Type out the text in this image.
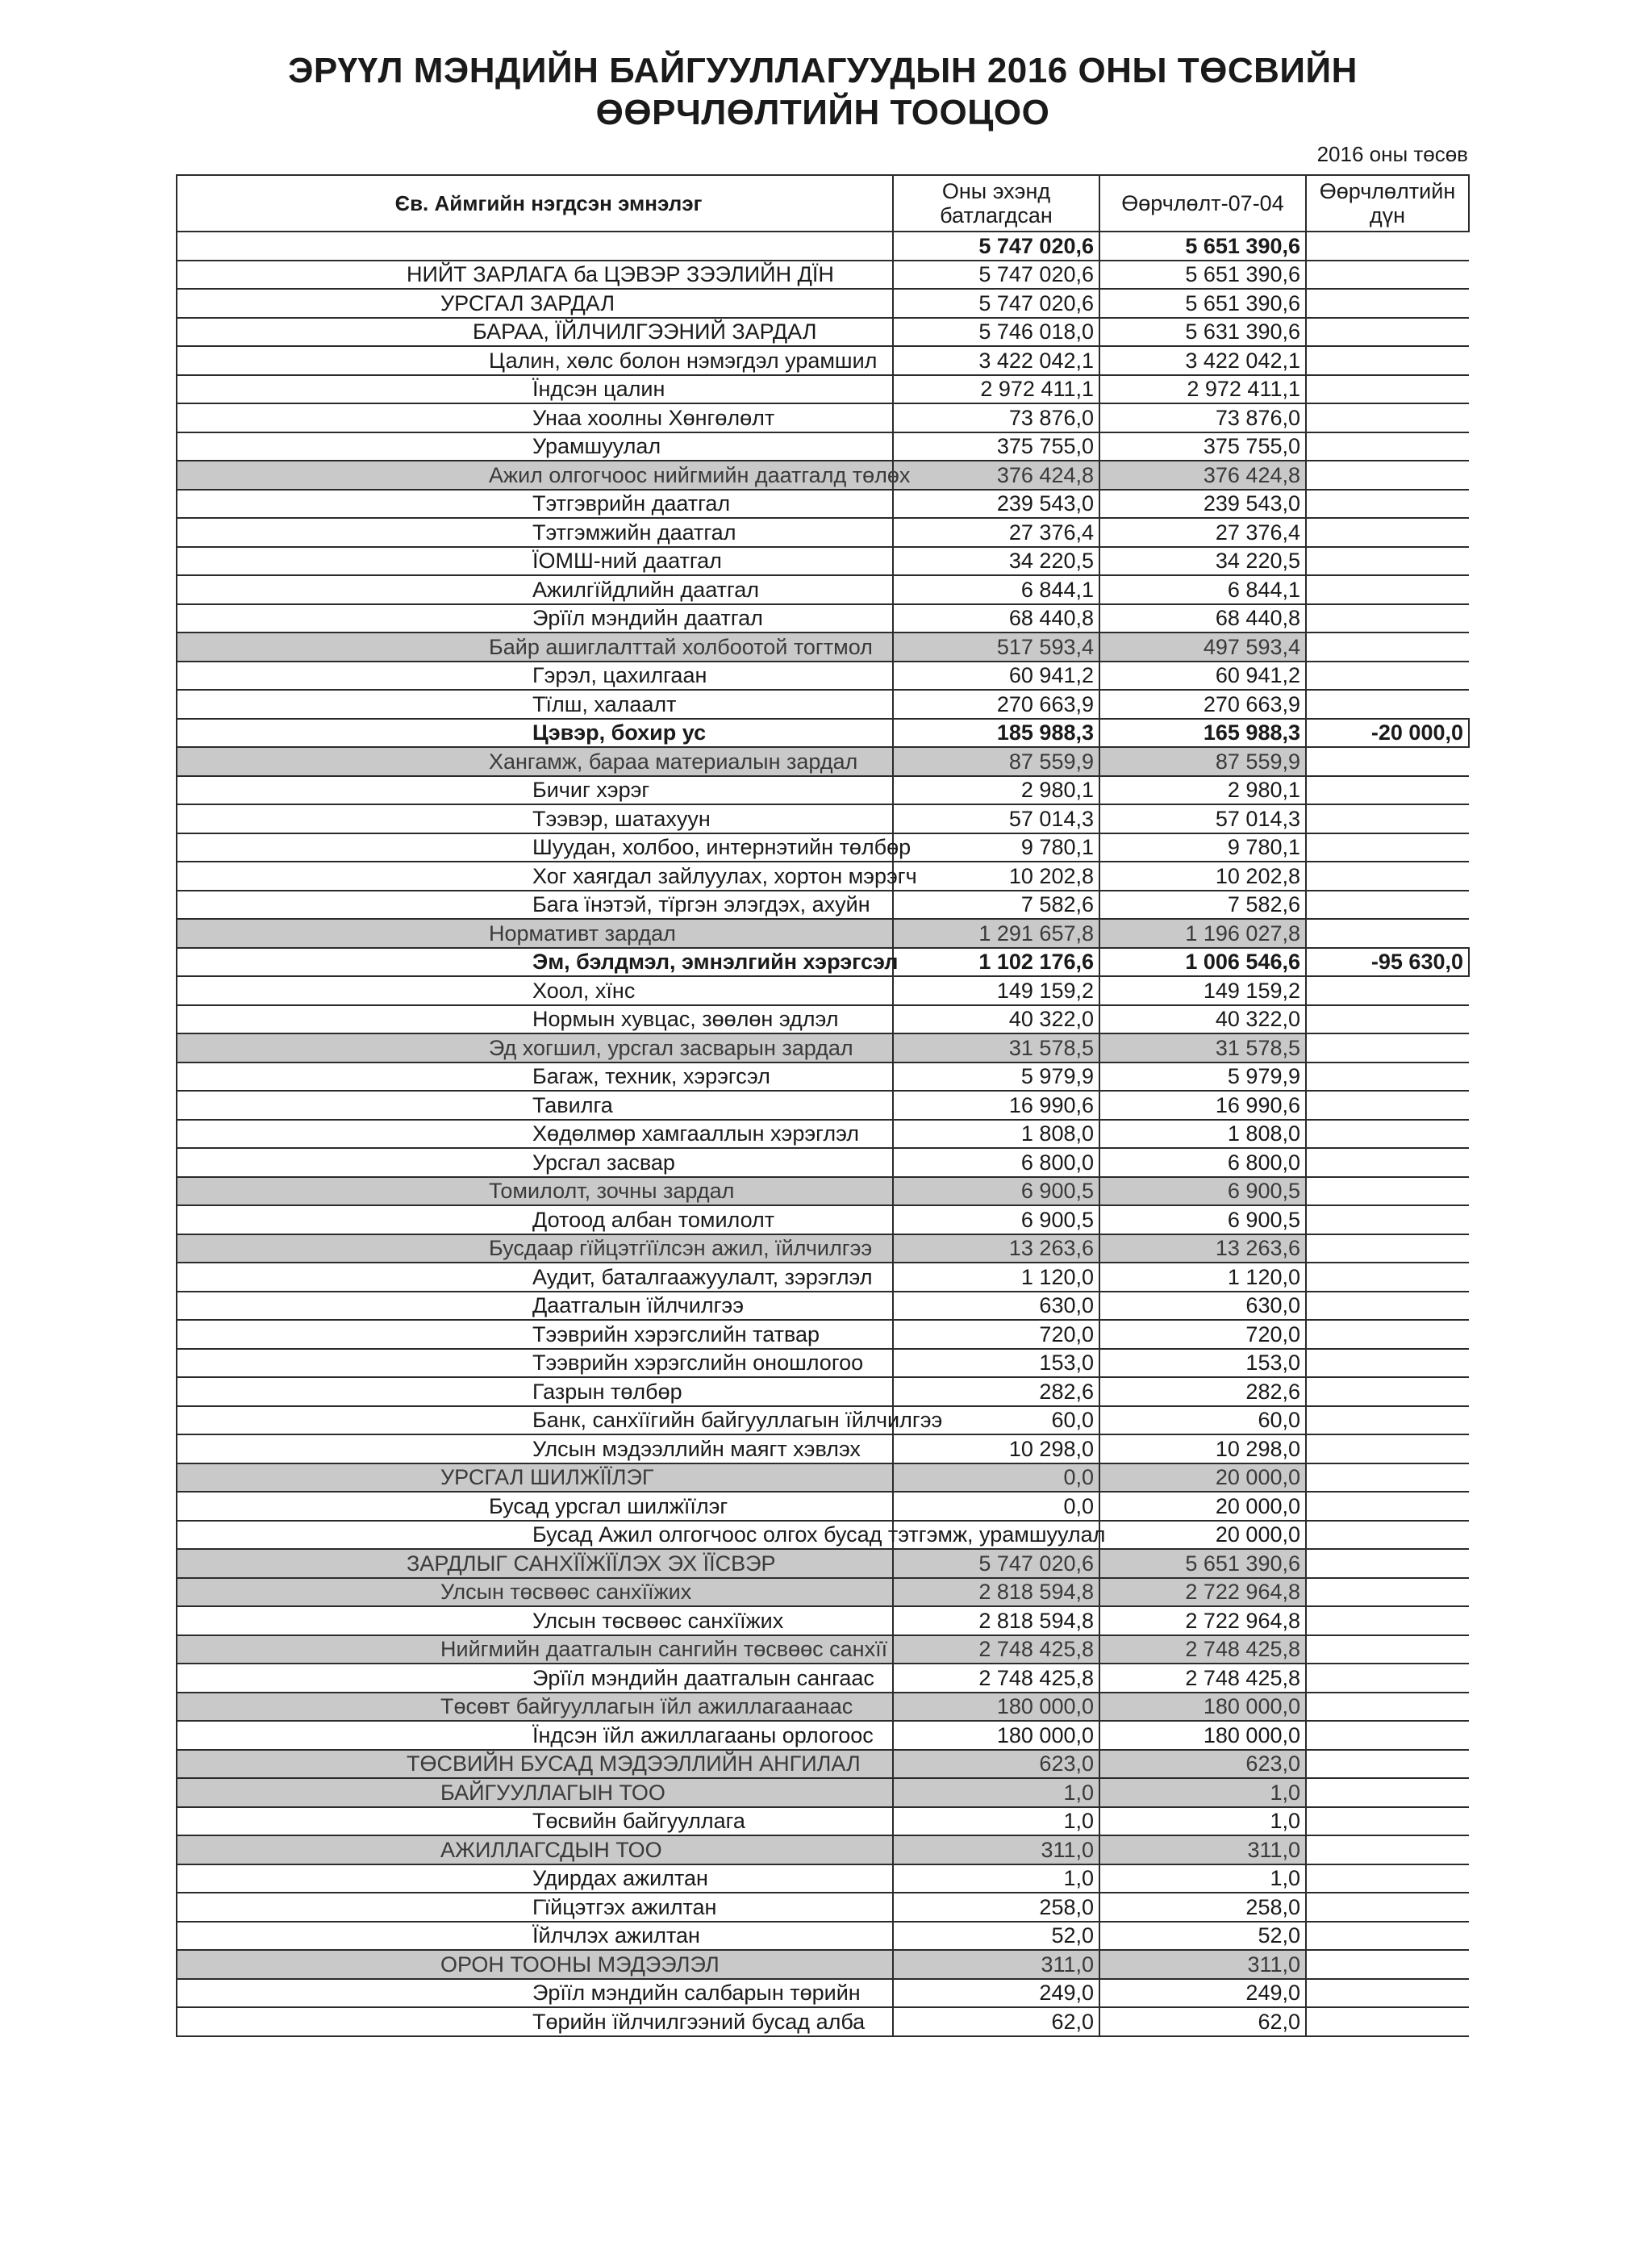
ЭРҮҮЛ МЭНДИЙН БАЙГУУЛЛАГУУДЫН 2016 ОНЫ ТӨСВИЙН ӨӨРЧЛӨЛТИЙН ТООЦОО
2016 оны төсөв
Єв. Аймгийн нэгдсэн эмнэлэг	Оны эхэнд батлагдсан	Өөрчлөлт-07-04	Өөрчлөлтийн дүн
	5 747 020,6	5 651 390,6	
НИЙТ ЗАРЛАГА ба ЦЭВЭР ЗЭЭЛИЙН ДЇН	5 747 020,6	5 651 390,6	
УРСГАЛ ЗАРДАЛ	5 747 020,6	5 651 390,6	
БАРАА, ЇЙЛЧИЛГЭЭНИЙ ЗАРДАЛ	5 746 018,0	5 631 390,6	
Цалин, хөлс болон нэмэгдэл урамшил	3 422 042,1	3 422 042,1	
Їндсэн цалин	2 972 411,1	2 972 411,1	
Унаа хоолны Хөнгөлөлт	73 876,0	73 876,0	
Урамшуулал	375 755,0	375 755,0	
Ажил олгогчоос нийгмийн даатгалд төлөх	376 424,8	376 424,8	
Тэтгэврийн даатгал	239 543,0	239 543,0	
Тэтгэмжийн даатгал	27 376,4	27 376,4	
ЇОМШ-ний даатгал	34 220,5	34 220,5	
Ажилгїйдлийн даатгал	6 844,1	6 844,1	
Эрїїл мэндийн даатгал	68 440,8	68 440,8	
Байр ашиглалттай холбоотой тогтмол	517 593,4	497 593,4	
Гэрэл, цахилгаан	60 941,2	60 941,2	
Тїлш, халаалт	270 663,9	270 663,9	
Цэвэр, бохир ус	185 988,3	165 988,3	-20 000,0
Хангамж, бараа материалын зардал	87 559,9	87 559,9	
Бичиг хэрэг	2 980,1	2 980,1	
Тээвэр, шатахуун	57 014,3	57 014,3	
Шуудан, холбоо, интернэтийн төлбөр	9 780,1	9 780,1	
Хог хаягдал зайлуулах, хортон мэрэгч	10 202,8	10 202,8	
Бага їнэтэй, тїргэн элэгдэх, ахуйн	7 582,6	7 582,6	
Нормативт зардал	1 291 657,8	1 196 027,8	
Эм, бэлдмэл, эмнэлгийн хэрэгсэл	1 102 176,6	1 006 546,6	-95 630,0
Хоол, хїнс	149 159,2	149 159,2	
Нормын хувцас, зөөлөн эдлэл	40 322,0	40 322,0	
Эд хогшил, урсгал засварын зардал	31 578,5	31 578,5	
Багаж, техник, хэрэгсэл	5 979,9	5 979,9	
Тавилга	16 990,6	16 990,6	
Хөдөлмөр хамгааллын хэрэглэл	1 808,0	1 808,0	
Урсгал засвар	6 800,0	6 800,0	
Томилолт, зочны зардал	6 900,5	6 900,5	
Дотоод албан томилолт	6 900,5	6 900,5	
Бусдаар гїйцэтгїїлсэн ажил, їйлчилгээ	13 263,6	13 263,6	
Аудит, баталгаажуулалт, зэрэглэл	1 120,0	1 120,0	
Даатгалын їйлчилгээ	630,0	630,0	
Тээврийн хэрэгслийн татвар	720,0	720,0	
Тээврийн хэрэгслийн оношлогоо	153,0	153,0	
Газрын төлбөр	282,6	282,6	
Банк, санхїїгийн байгууллагын їйлчилгээ	60,0	60,0	
Улсын мэдээллийн маягт хэвлэх	10 298,0	10 298,0	
УРСГАЛ ШИЛЖЇЇЛЭГ	0,0	20 000,0	
Бусад урсгал шилжїїлэг	0,0	20 000,0	
Бусад Ажил олгогчоос олгох бусад тэтгэмж, урамшуулал		20 000,0	
ЗАРДЛЫГ САНХЇЇЖЇЇЛЭХ ЭХ ЇЇСВЭР	5 747 020,6	5 651 390,6	
Улсын төсвөөс санхїїжих	2 818 594,8	2 722 964,8	
Улсын төсвөөс санхїїжих	2 818 594,8	2 722 964,8	
Нийгмийн даатгалын сангийн төсвөөс санхїї	2 748 425,8	2 748 425,8	
Эрїїл мэндийн даатгалын сангаас	2 748 425,8	2 748 425,8	
Төсөвт байгууллагын їйл ажиллагаанаас	180 000,0	180 000,0	
Їндсэн їйл ажиллагааны орлогоос	180 000,0	180 000,0	
ТӨСВИЙН БУСАД МЭДЭЭЛЛИЙН АНГИЛАЛ	623,0	623,0	
БАЙГУУЛЛАГЫН ТОО	1,0	1,0	
Төсвийн байгууллага	1,0	1,0	
АЖИЛЛАГСДЫН ТОО	311,0	311,0	
Удирдах ажилтан	1,0	1,0	
Гїйцэтгэх ажилтан	258,0	258,0	
Їйлчлэх ажилтан	52,0	52,0	
ОРОН ТООНЫ МЭДЭЭЛЭЛ	311,0	311,0	
Эрїїл мэндийн салбарын төрийн	249,0	249,0	
Төрийн їйлчилгээний бусад алба	62,0	62,0	
